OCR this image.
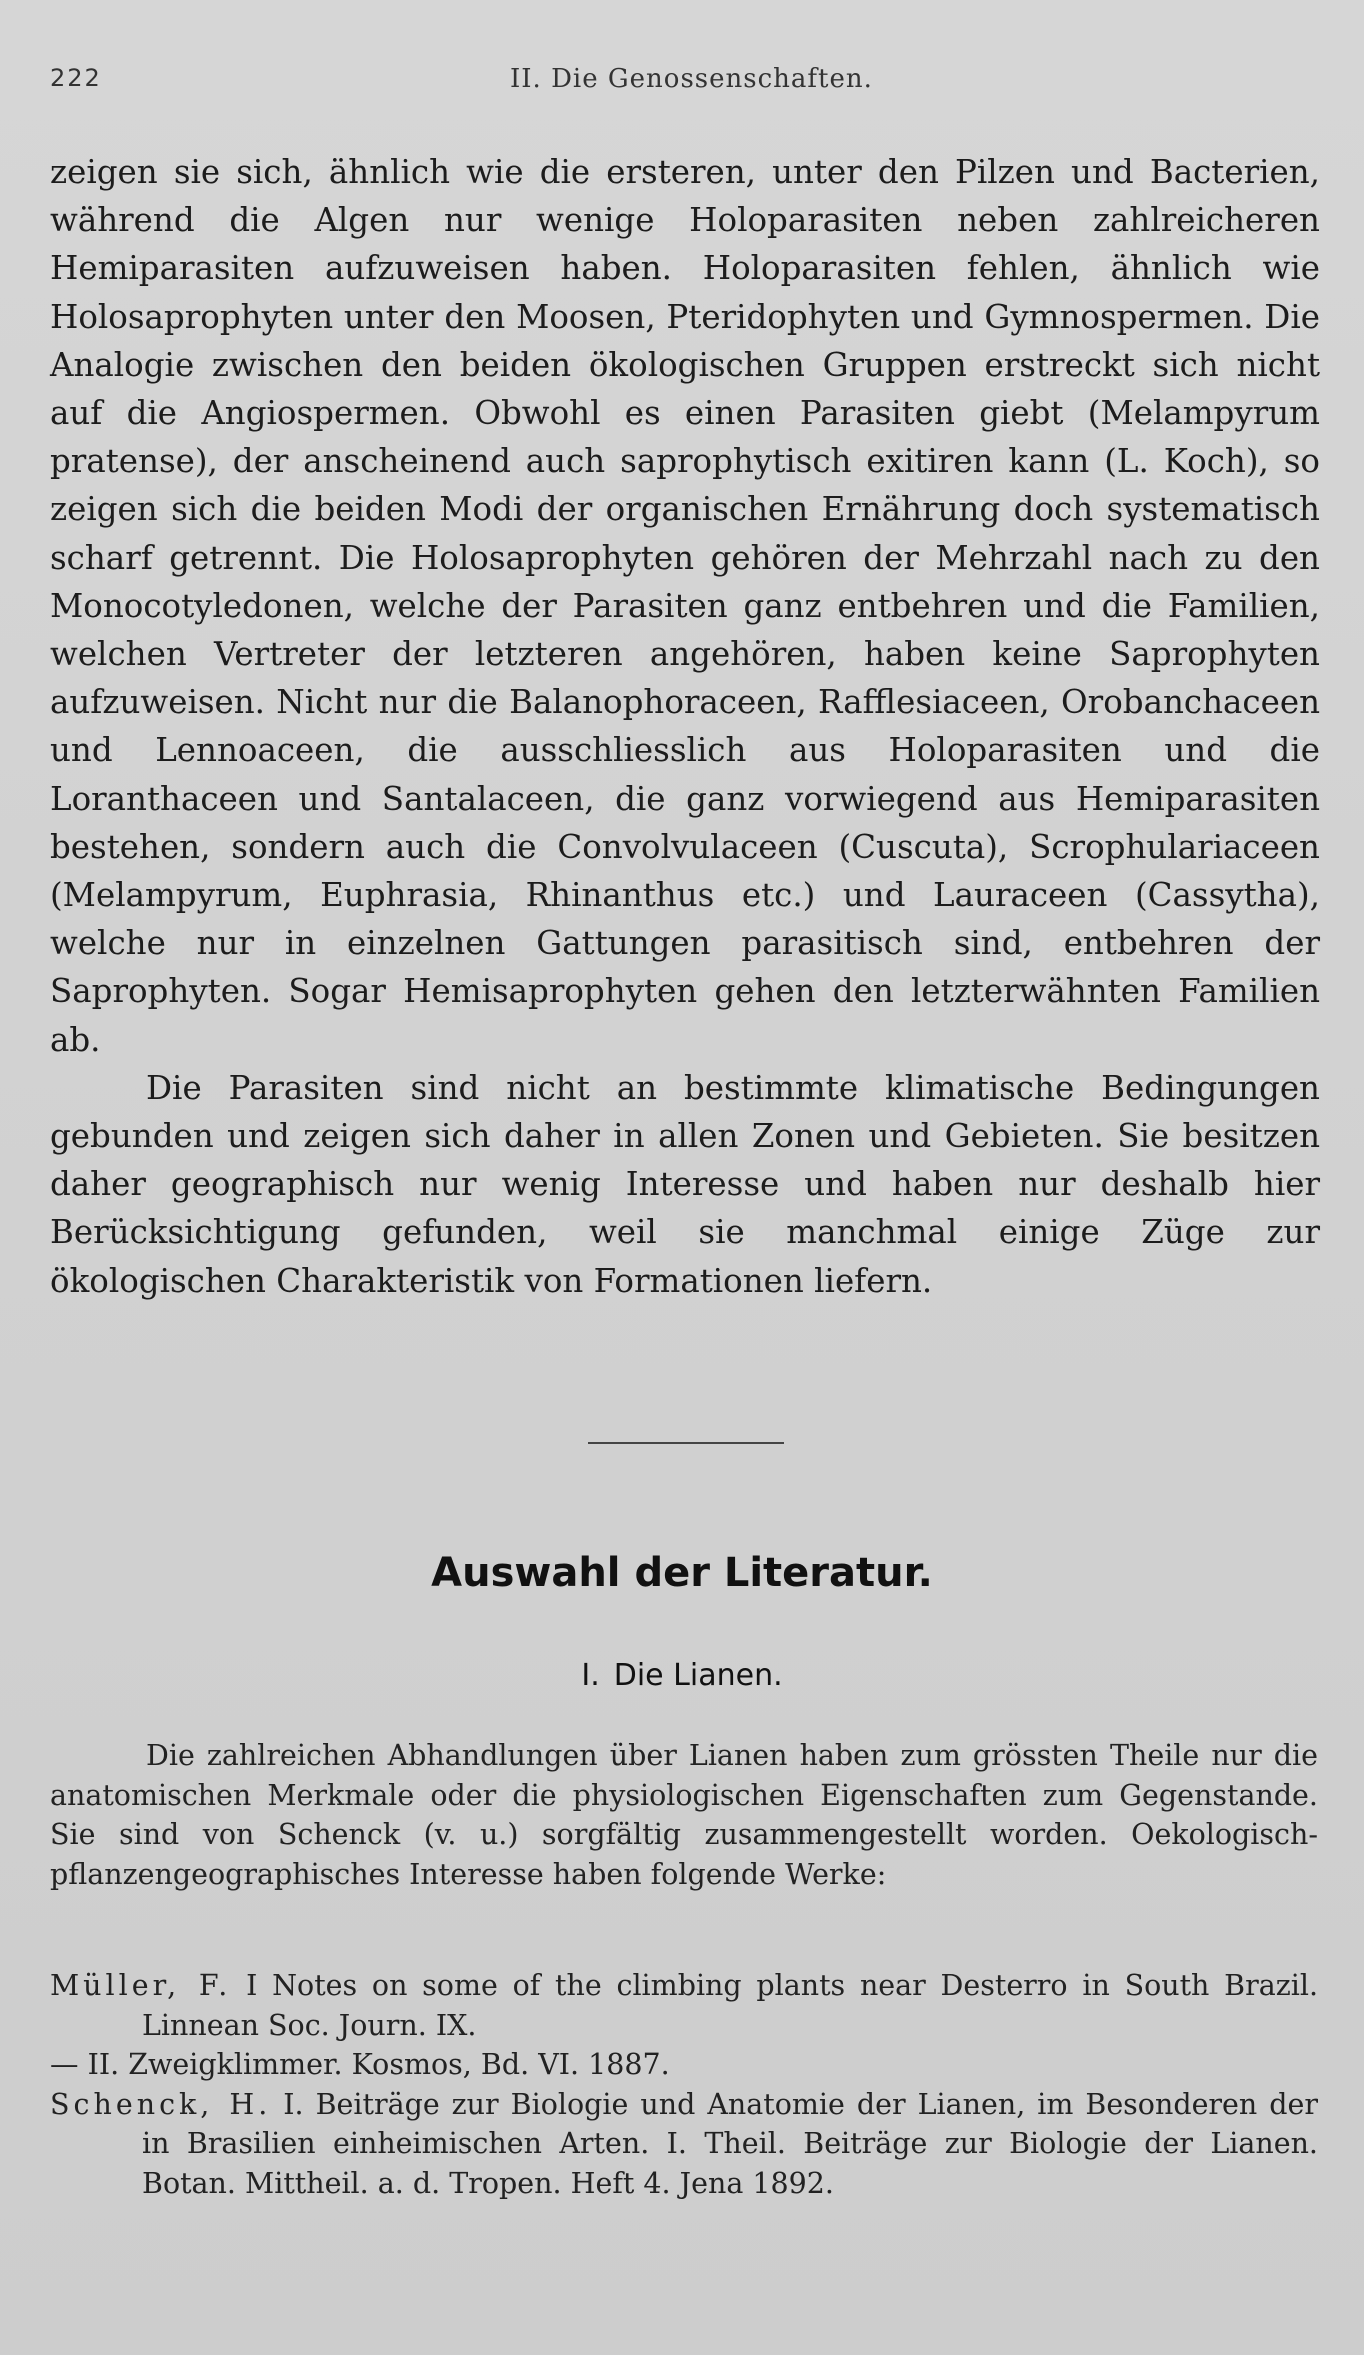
222	II. Die Genossenschaften.

zeigen sie sich, ähnlich wie die ersteren, unter den Pilzen und Bacterien, während die Algen nur wenige Holoparasiten neben zahlreicheren Hemiparasiten aufzuweisen haben. Holoparasiten fehlen, ähnlich wie Holosaprophyten unter den Moosen, Pteridophyten und Gymnospermen. Die Analogie zwischen den beiden ökologischen Gruppen erstreckt sich nicht auf die Angiospermen. Obwohl es einen Parasiten giebt (Melampyrum pratense), der anscheinend auch saprophytisch exitiren kann (L. Koch), so zeigen sich die beiden Modi der organischen Ernährung doch systematisch scharf getrennt. Die Holosaprophyten gehören der Mehrzahl nach zu den Monocotyledonen, welche der Parasiten ganz entbehren und die Familien, welchen Vertreter der letzteren angehören, haben keine Saprophyten aufzuweisen. Nicht nur die Balanophoraceen, Rafflesiaceen, Orobanchaceen und Lennoaceen, die ausschliesslich aus Holoparasiten und die Loranthaceen und Santalaceen, die ganz vorwiegend aus Hemiparasiten bestehen, sondern auch die Convolvulaceen (Cuscuta), Scrophulariaceen (Melampyrum, Euphrasia, Rhinanthus etc.) und Lauraceen (Cassytha), welche nur in einzelnen Gattungen parasitisch sind, entbehren der Saprophyten. Sogar Hemisaprophyten gehen den letzterwähnten Familien ab.

Die Parasiten sind nicht an bestimmte klimatische Bedingungen gebunden und zeigen sich daher in allen Zonen und Gebieten. Sie besitzen daher geographisch nur wenig Interesse und haben nur deshalb hier Berücksichtigung gefunden, weil sie manchmal einige Züge zur ökologischen Charakteristik von Formationen liefern.

Auswahl der Literatur.
I. Die Lianen.
Die zahlreichen Abhandlungen über Lianen haben zum grössten Theile nur die anatomischen Merkmale oder die physiologischen Eigenschaften zum Gegenstande. Sie sind von Schenck (v. u.) sorgfältig zusammengestellt worden. Oekologisch-pflanzengeographisches Interesse haben folgende Werke:

Müller, F. I Notes on some of the climbing plants near Desterro in South Brazil. Linnean Soc. Journ. IX.

— II. Zweigklimmer. Kosmos, Bd. VI. 1887.

Schenck, H. I. Beiträge zur Biologie und Anatomie der Lianen, im Besonderen der in Brasilien einheimischen Arten. I. Theil. Beiträge zur Biologie der Lianen. Botan. Mittheil. a. d. Tropen. Heft 4. Jena 1892.
